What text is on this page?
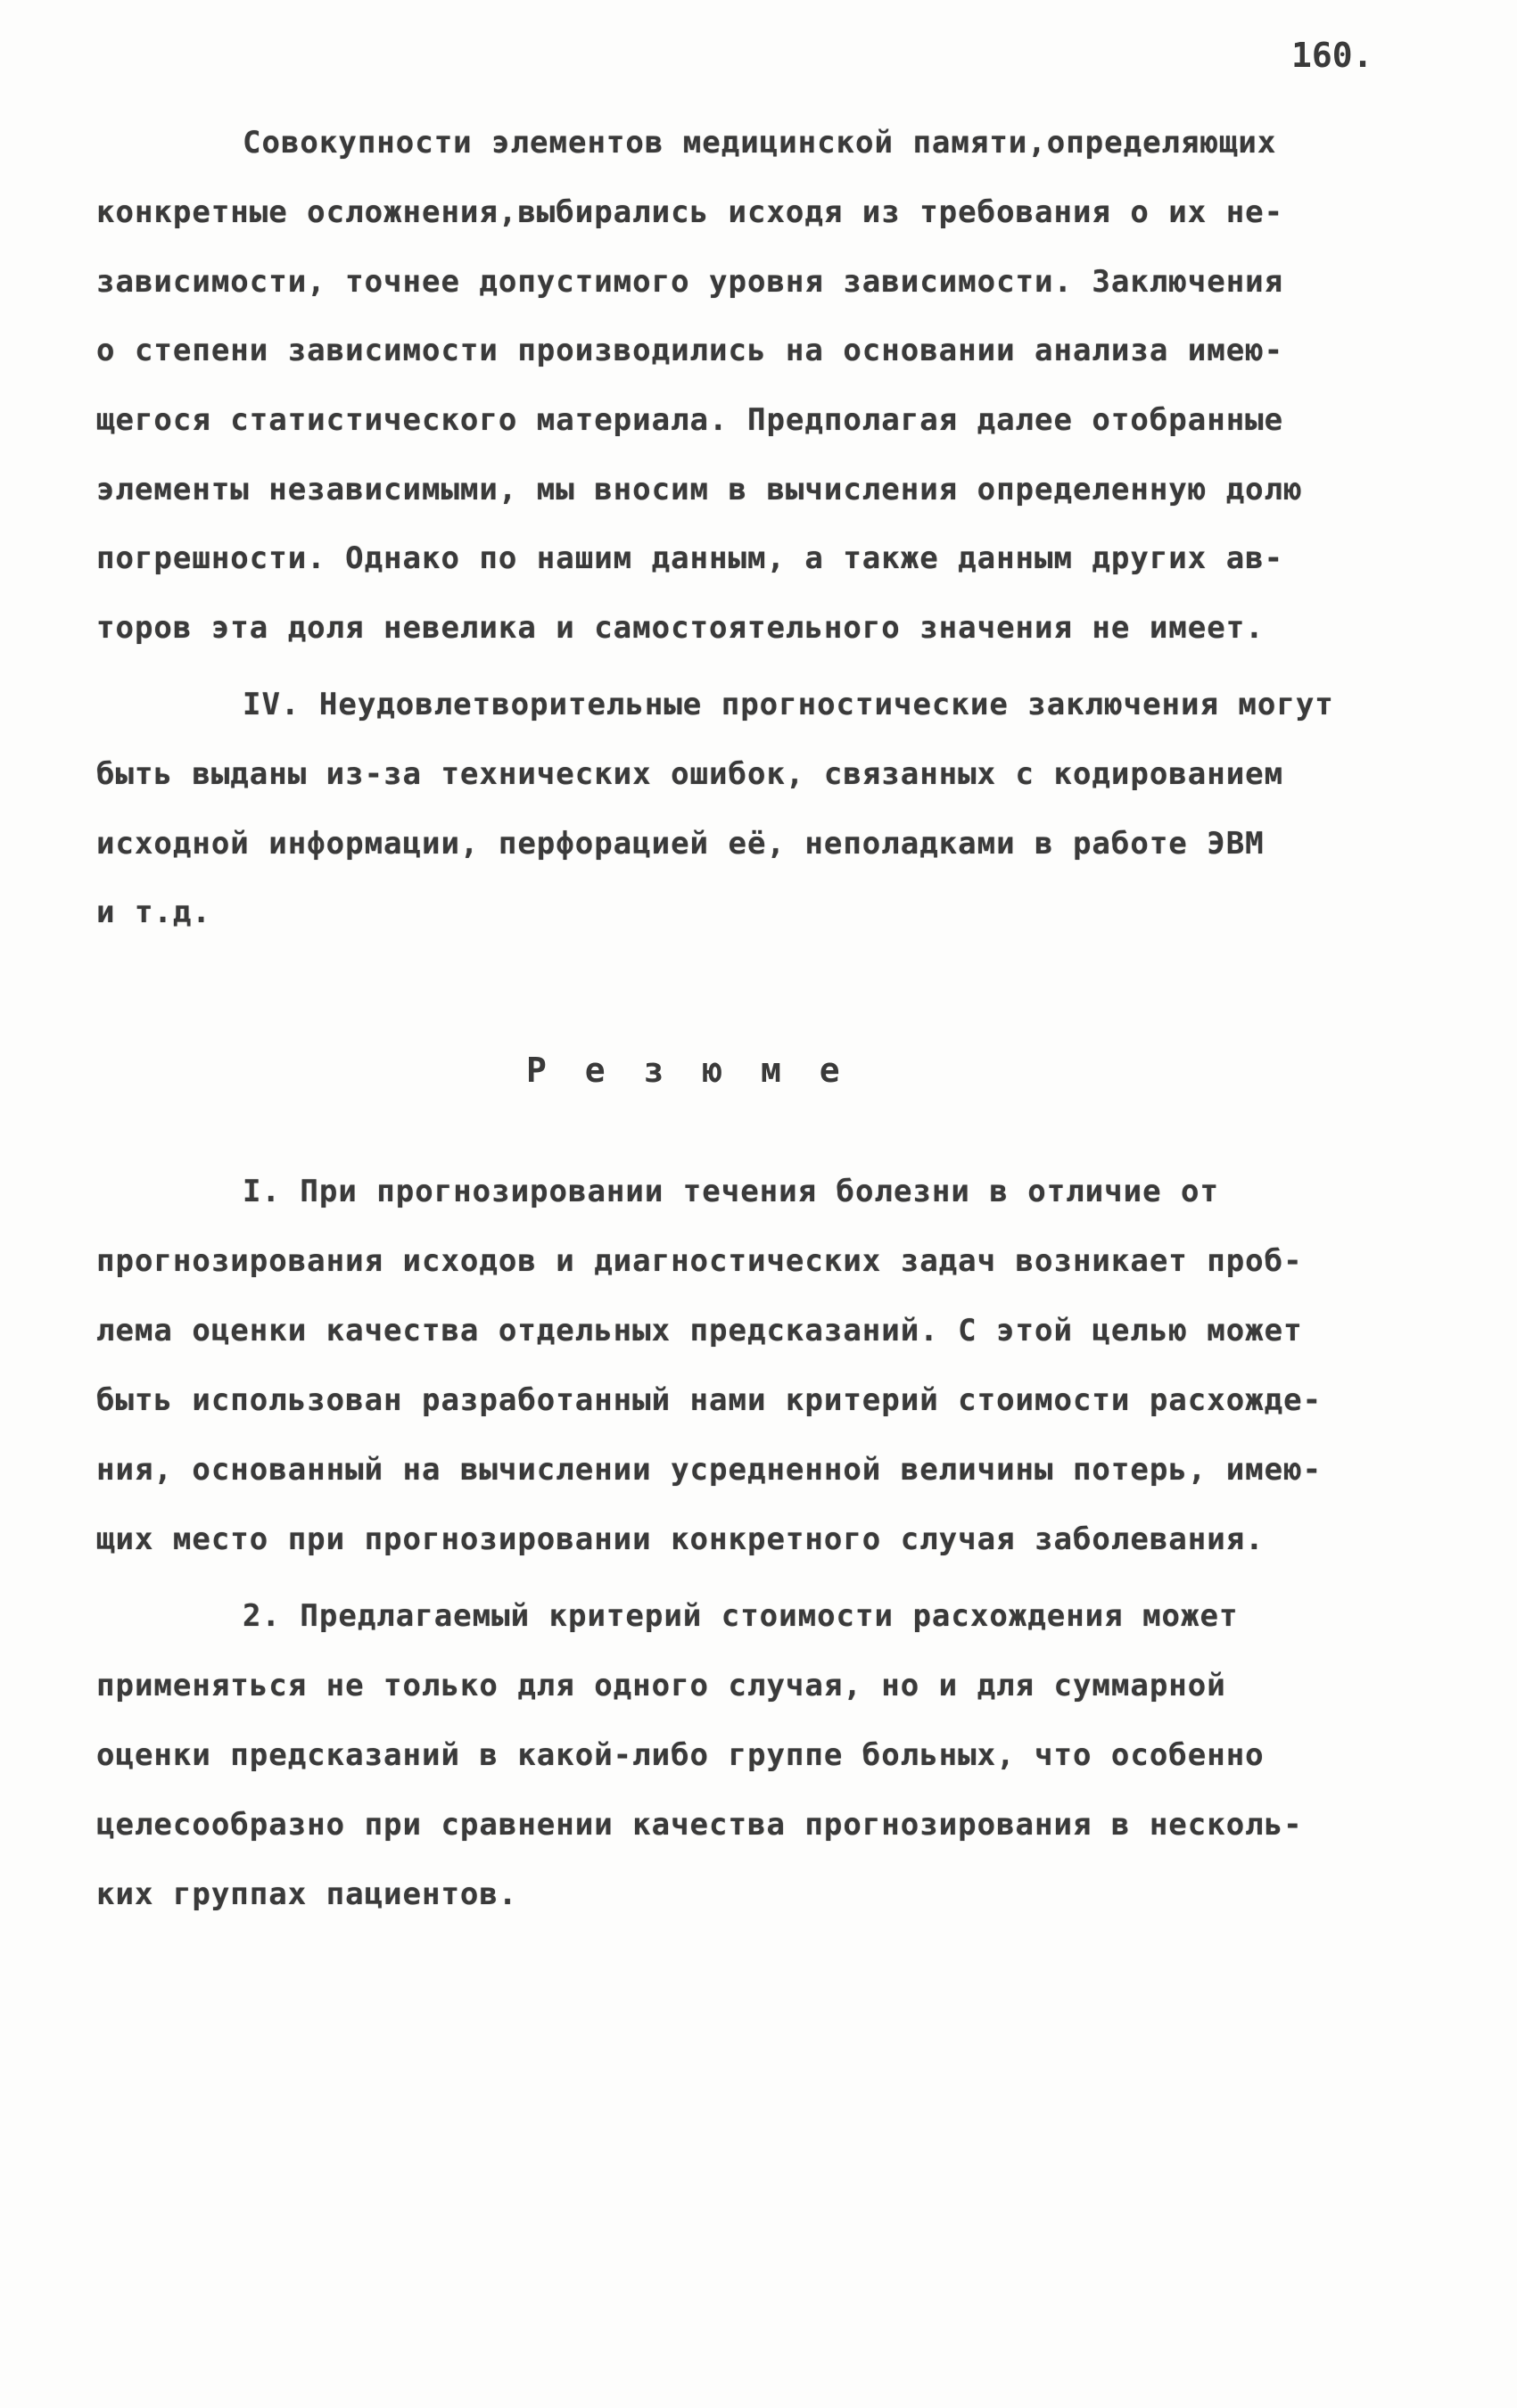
160.
Совокупности элементов медицинской памяти,определяющих
конкретные осложнения,выбирались исходя из требования о их не-
зависимости, точнее допустимого уровня зависимости. Заключения
о степени зависимости производились на основании анализа имею-
щегося статистического материала. Предполагая далее отобранные
элементы независимыми, мы вносим в вычисления определенную долю
погрешности. Однако по нашим данным, а также данным других ав-
торов эта доля невелика и самостоятельного значения не имеет.
IV. Неудовлетворительные прогностические заключения могут
быть выданы из-за технических ошибок, связанных с кодированием
исходной информации, перфорацией её, неполадками в работе ЭВМ
и т.д.
Р е з ю м е
I. При прогнозировании течения болезни в отличие от
прогнозирования исходов и диагностических задач возникает проб-
лема оценки качества отдельных предсказаний. С этой целью может
быть использован разработанный нами критерий стоимости расхожде-
ния, основанный на вычислении усредненной величины потерь, имею-
щих место при прогнозировании конкретного случая заболевания.
2. Предлагаемый критерий стоимости расхождения может
применяться не только для одного случая, но и для суммарной
оценки предсказаний в какой-либо группе больных, что особенно
целесообразно при сравнении качества прогнозирования в несколь-
ких группах пациентов.
